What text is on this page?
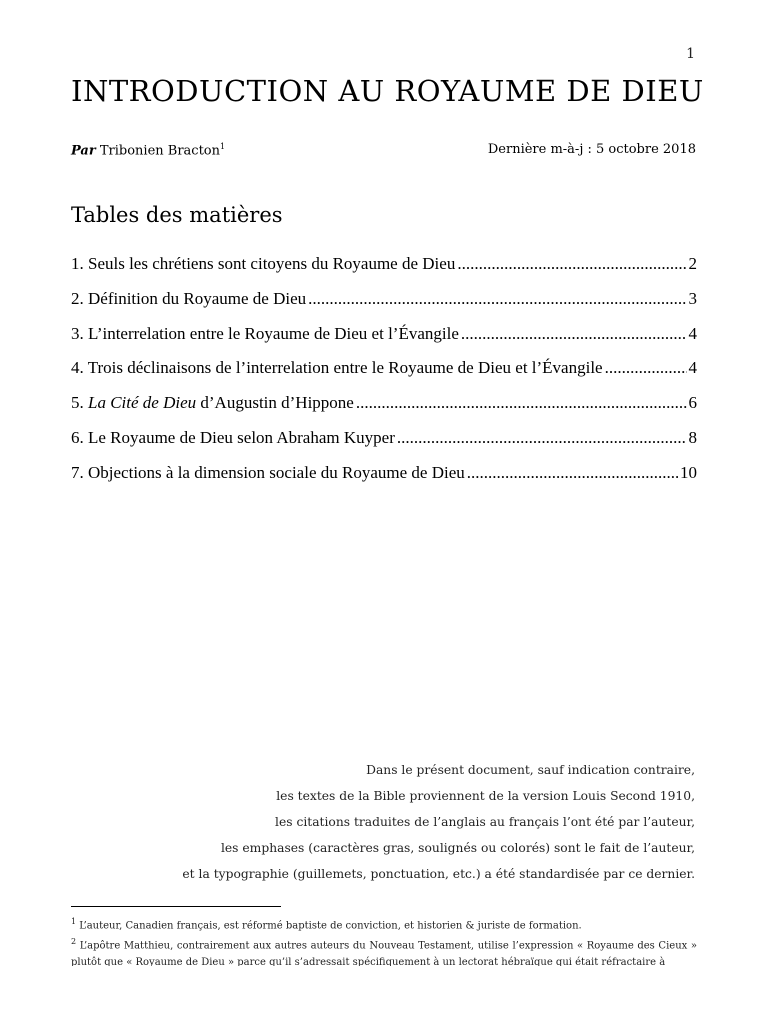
1
INTRODUCTION AU ROYAUME DE DIEU
Par Tribonien Bracton$^1$	Dernière m-à-j : 5 octobre 2018
Tables des matières
1. Seuls les chrétiens sont citoyens du Royaume de Dieu .....	2
2. Définition du Royaume de Dieu .....	3
3. L’interrelation entre le Royaume de Dieu et l’Évangile .....	4
4. Trois déclinaisons de l’interrelation entre le Royaume de Dieu et l’Évangile .....	4
5. La Cité de Dieu d’Augustin d’Hippone .....	6
6. Le Royaume de Dieu selon Abraham Kuyper .....	8
7. Objections à la dimension sociale du Royaume de Dieu .....	10

Dans le présent document, sauf indication contraire,

les textes de la Bible proviennent de la version Louis Second 1910,

les citations traduites de l’anglais au français l’ont été par l’auteur,

les emphases (caractères gras, soulignés ou colorés) sont le fait de l’auteur,

et la typographie (guillemets, ponctuation, etc.) a été standardisée par ce dernier.

$^1$ L’auteur, Canadien français, est réformé baptiste de conviction, et historien & juriste de formation.

$^2$ L’apôtre Matthieu, contrairement aux autres auteurs du Nouveau Testament, utilise l’expression « Royaume des Cieux » plutôt que « Royaume de Dieu » parce qu’il s’adressait spécifiquement à un lectorat hébraïque qui était réfractaire à
